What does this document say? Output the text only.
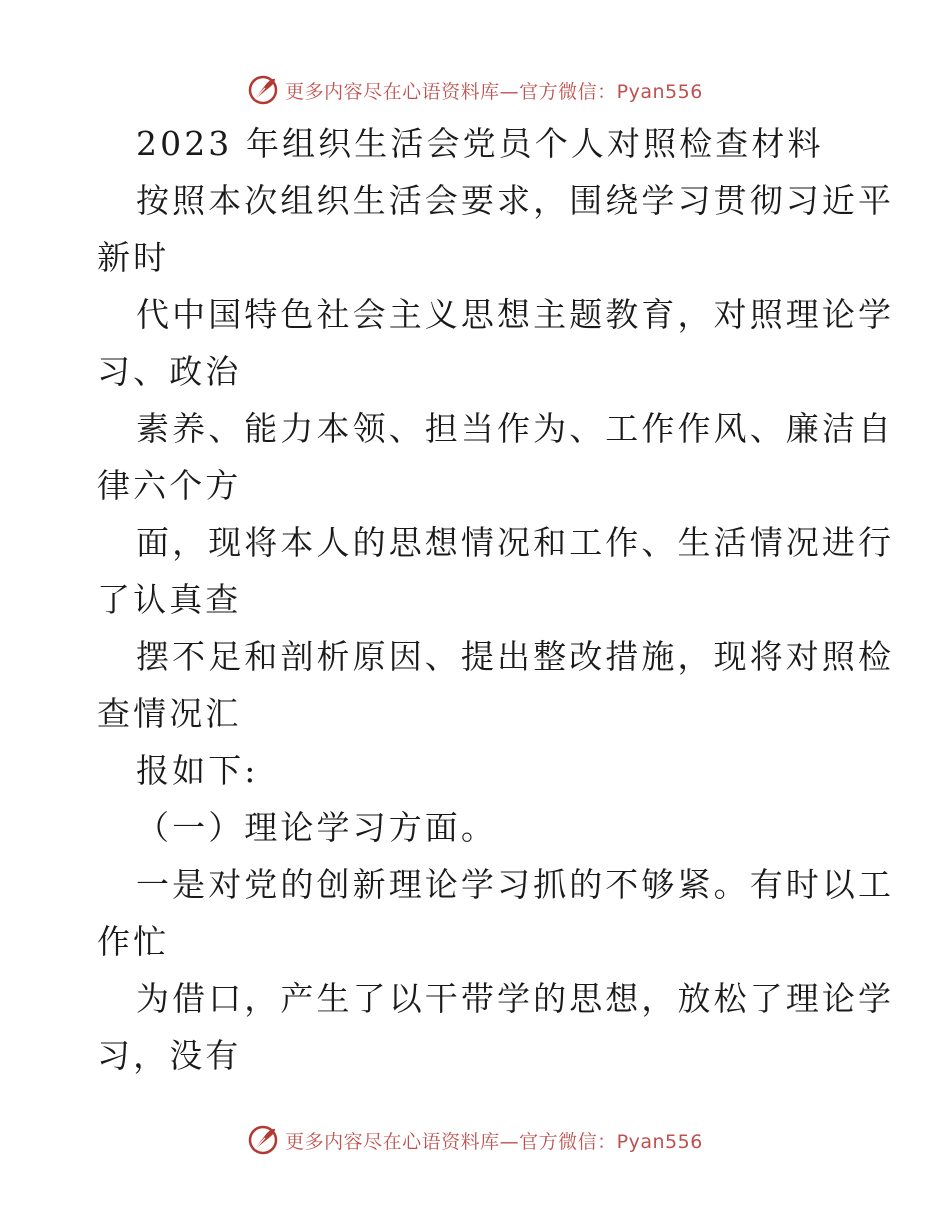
更多内容尽在心语资料库—官方微信：Pyan556
2023 年组织生活会党员个人对照检查材料
按照本次组织生活会要求，围绕学习贯彻习近平
新时
代中国特色社会主义思想主题教育，对照理论学
习、政治
素养、能力本领、担当作为、工作作风、廉洁自
律六个方
面，现将本人的思想情况和工作、生活情况进行
了认真查
摆不足和剖析原因、提出整改措施，现将对照检
查情况汇
报如下:
（一）理论学习方面。
一是对党的创新理论学习抓的不够紧。有时以工
作忙
为借口，产生了以干带学的思想，放松了理论学
习，没有
更多内容尽在心语资料库—官方微信：Pyan556
